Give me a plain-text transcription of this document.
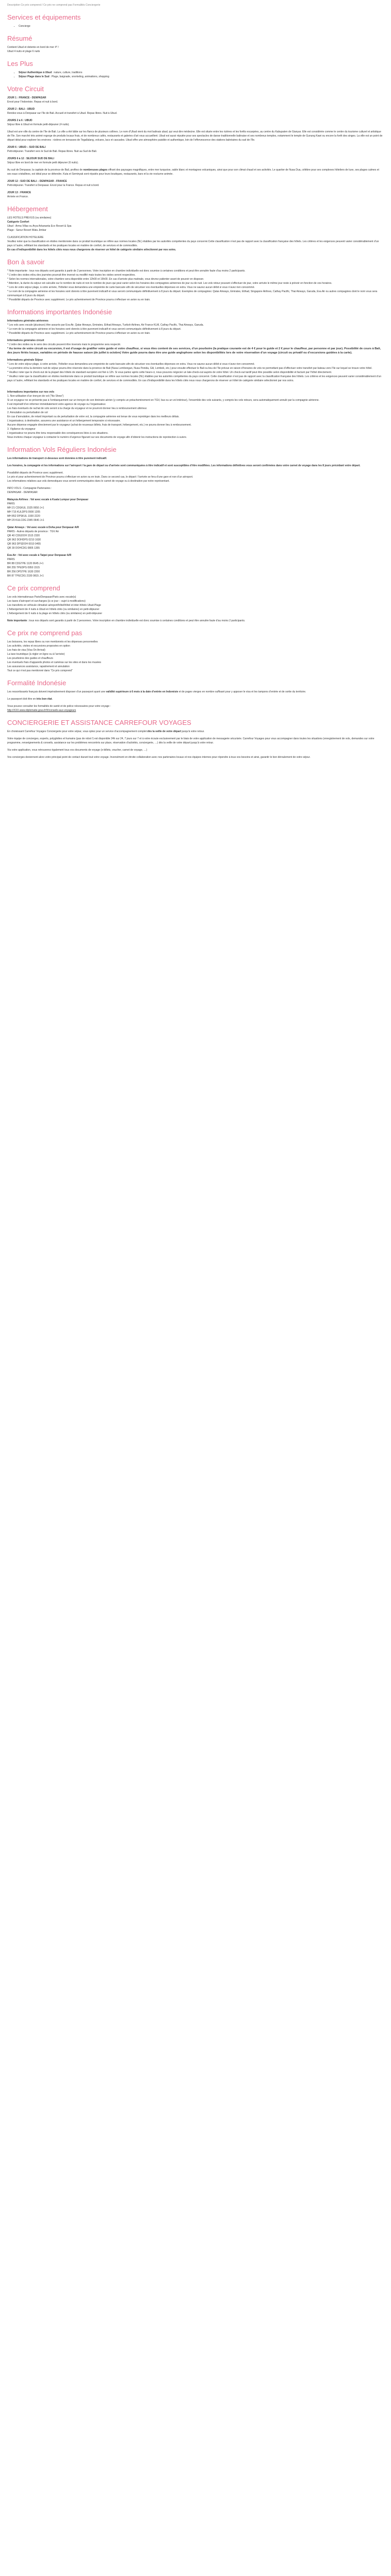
Description Ce prix comprend / Ce prix ne comprend pas Formalités Conciergerie
Services et équipements
• Concierge
Résumé
Contient Ubud et detente en bord de mer 4* /
Ubud 4 nuits et plage 6 nuits
Les Plus
• Séjour Authentique à Ubud : nature, culture, traditions
• Séjour Plage dans le Sud : Plage, baignade, snorkeling, animations, shopping
Votre Circuit
JOUR 1 : FRANCE - DENPASAR
Envol pour l’Indonésie. Repas et nuit à bord.
JOUR 2 : BALI - UBUD
Rendez-vous à Denpasar sur l’île de Bali. Accueil et transfert à Ubud. Repas libres. Nuit à Ubud.
JOURS 2 à 6 : UBUD
Séjour libre à Ubud en formule petit-déjeuner (4 nuits).

Ubud est une ville du centre de l’île de Bali. La ville a été bâtie sur les flancs de plusieurs collines. Le nom d’Ubud vient du mot balinais ubad, qui veut dire médecine. Elle est située entre les rizières et les forêts escarpées, au centre du Kabupaten de Gianyar. Elle est considérée comme le centre du tourisme culturel et artistique de l’île. Son marché très animé regorge de produits locaux frais, et de nombreux cafés, restaurants et galeries d’art vous accueillent. Ubud est aussi réputée pour ses spectacles de danse traditionnelle balinaise et ses nombreux temples, notamment le temple de Gunung Kawi ou encore la forêt des singes. La ville est un point de départ idéal pour explorer les environs : rizières en terrasses de Tegallalang, volcans, lacs et cascades. Ubud offre une atmosphère paisible et authentique, loin de l’effervescence des stations balnéaires du sud de l’île.

JOUR 6 : UBUD – SUD DE BALI
Petit-déjeuner. Transfert vers le Sud de Bali. Repas libres. Nuit au Sud de Bali.
JOURS 6 à 12 : SEJOUR SUD DE BALI
Séjour libre en bord de mer en formule petit déjeuner (6 nuits).

Au sud de Denpasar, la capitale de la province de Bali, profitez de nombreuses plages offrant des paysages magnifiques, entre mer turquoise, sable blanc et montagnes volcaniques, ainsi que pour son climat chaud et ses activités. Le quartier de Nusa Dua, célèbre pour ses complexes hôteliers de luxe, ses plages calmes et ses eaux cristallines, est idéal pour se détendre. Kuta et Seminyak sont réputés pour leurs boutiques, restaurants, bars et la vie nocturne animée.

JOUR 12 : SUD DE BALI – DENPASAR - FRANCE
Petit-déjeuner. Transfert à Denpasar. Envol pour la France. Repas et nuit à bord.
JOUR 13 : FRANCE
Arrivée en France.
Hébergement
LES HOTELS PREVUS (ou similaires)
Catégorie Confort
Ubud : Arma Villas ou Arya Arkananta Eco Resort & Spa
Plage : Sanur Resort Watu Jimbar
CLASSIFICATION HOTELIERE
Veuillez noter que la classification en étoiles mentionnée dans ce produit touristique se réfère aux normes locales (NL) établies par les autorités compétentes du pays concerné.Cette classification n’est pas de rapport avec la classification française des hôtels. Les critères et les exigences peuvent varier considérablement d’un pays à l’autre, reflétant les standards et les pratiques locales en matière de confort, de services et de commodités.
En cas d’indisponibilité dans les hôtels cités nous nous chargerons de réserver un hôtel de catégorie similaire sélectionné par nos soins.
Bon à savoir
* Note importante : tous nos départs sont garantis à partir de 2 personnes. Votre inscription en chambre individuelle est donc soumise à certaines conditions et peut être annulée faute d’au moins 2 participants.
* L’ordre des visites et/ou des journées pourrait être inversé ou modifié mais toutes les visites seront respectées.
* Selon les normes internationales, votre chambre sera disponible entre 12h00 et 15h00. En cas d’arrivée plus matinale, vous devrez patienter avant de pouvoir en disposer.
* Attention, la durée du séjour est calculée sur le nombre de nuits et non le nombre de jours qui peut varier selon les horaires des compagnies aériennes de jour ou de nuit. Les vols retour pouvant s’effectuer de jour, votre arrivée le même jour reste à prévoir en fonction de vos horaires.
* Lors de votre séjour plage, à votre arrivée, l’hôtelier vous demandera une empreinte de carte bancaire afin de sécuriser vos éventuelles dépenses en extra. Vous ne saurez aucun débit si vous n’avez rien consommé.
* Le nom de la compagnie aérienne et les horaires sont donnés à titre purement indicatif et vous seront communiqués définitivement à 8 jours du départ. Exemples de compagnies: Qatar Airways, Emirates, Etihad, Singapore Airlines, Cathay Pacific, Thai Airways, Garuda, Eva Air ou autres compagnies dont le nom vous sera communiqué à 8 jours du départ.
* Possibilité départs de Province avec supplément. Le prix acheminement de Province pourra s’effectuer en avion ou en train.
Informations importantes Indonésie
Informations générales aériennes
* Les vols avec escale (plusieurs) être assurés par Eva Air, Qatar Airways, Emirates, Etihad Airways, Turkish Airlines, Air France KLM, Cathay Pacific, Thai Airways, Garuda.
* Le nom de la compagnie aérienne et les horaires sont donnés à titre purement indicatif et vous seront communiqués définitivement à 8 jours du départ.
* Possibilité départs de Province avec supplément. Le prix acheminement de Province pourra s’effectuer en avion ou en train.
Informations générales circuit
* L’ordre des visites ou le sens des circuits peuvent être inversés mais le programme sera respecté.
* Au terme de votre circuit ou excursion, il est d’usage de gratifier votre guide et votre chauffeur, si vous êtes content de ses services, d’un pourboire (la pratique courante est de 4 € pour le guide et 2 € pour le chauffeur, par personne et par jour). Possibilité de cours à Bali, des jours fériés locaux, variables en période de hausse saison (de juillet à octobre) Votre guide pourra dans être une guide anglophone selon les disponibilités lors de votre réservation d’un voyage (circuit ou privatif ou d’excursions guidées à la carte).
Informations générale Séjour
* Lors de votre séjour plage, à votre arrivée, l’hôtelier vous demandera une empreinte de carte bancaire afin de sécuriser vos éventuelles dépenses en extra. Vous ne saurez aucun débit si vous n’avez rien consommé.
* La première et/ou la dernière nuit de séjour pourra être réservée dans la province de Bali (Nusa Lembongan, Nusa Penida, Gili, Lombok, etc.) pour ensuite effectuer le Bali ou lieu de l’île prévue en raison d’horaires de vols ne permettant pas d’effectuer votre transfert par bateau vers l’île sur lequel se trouve votre hôtel.
* Veuillez noter que le check-out de la plupart des hôtels de standard européen est fixé à 12h. Si vous partez après cette heure-ci, nous pouvons négocier un late-check-out auprès de votre hôtel. Un check-out tardif peut être possible selon disponibilité et facturé par l’hôtel directement.
* Veuillez noter que la classification en étoiles mentionnée dans ce produit touristique se réfère aux normes locales (NL) établies par les autorités compétentes du pays concerné. Cette classification n’est pas de rapport avec la classification française des hôtels. Les critères et les exigences peuvent varier considérablement d’un pays à l’autre, reflétant les standards et les pratiques locales en matière de confort, de services et de commodités. En cas d’indisponibilité dans les hôtels cités nous nous chargerons de réserver un hôtel de catégorie similaire sélectionné par nos soins.
Informations importantes sur nos vols
1. Non-utilisation d’un tronçon de vol (“No Show”)
Si un voyageur ne se présente pas à l’embarquement sur un tronçon de son itinéraire aérien (y compris un préacheminement en TGV, bus ou un vol intérieur), l’ensemble des vols suivants, y compris les vols retours, sera automatiquement annulé par la compagnie aérienne.
Il est impératif d’en informer immédiatement votre agence de voyage ou l’organisateur.
Les frais éventuels de rachat de vols seront à la charge du voyageur et ne pourront donner lieu à remboursement ultérieur.
2. Annulation ou perturbation de vol
En cas d’annulation, de retard important ou de perturbation de votre vol, la compagnie aérienne est tenue de vous reprotéger dans les meilleurs délais.
L’organisateur, à destination, assurera une assistance et un hébergement temporaire si nécessaire.
Aucune dépense engagée directement par le voyageur (achat de nouveaux billets, frais de transport, hébergement, etc.) ne pourra donner lieu à remboursement.
3. Vigilance du voyageur
L’organisateur ne pourra être tenu responsable des conséquences liées à ces situations.
Nous invitons chaque voyageur à contacter le numéro d’urgence figurant sur ses documents de voyage afin d’obtenir les instructions de reprotection à suivre.
Information Vols Réguliers Indonésie
Les informations de transport ci-dessous sont données à titre purement indicatif.
Les horaires, la compagnie et les informations sur l’aéroport / la gare de départ ou d’arrivée sont communiquées à titre indicatif et sont susceptibles d’être modifiées. Les informations définitives vous seront confirmées dans votre carnet de voyage dans les 8 jours précédant votre départ.
Possibilité départs de Province avec supplément.
Le prix et pour acheminement de Province pourra s’effectuer en avion ou en train. Dans ce second cas, le départ / l’arrivée se fera d’une gare et non d’un aéroport.
Les informations relatives aux vols domestiques vous seront communiquées dans le carnet de voyage ou à destination par notre représentant.
INFO VOLS - Compagnie Partenaires :
DENPASAR - DENPASAR
Malaysia Airlines : Vol avec escale à Kuala Lumpur pour Denpasar
PARIS
MH 21 CDGKUL 1525 0650 J+1
MH 715 KULDPS 0900 1205
MH 852 DPSKUL 1930 2220
MH 20 KULCDG 2345 0640 J+1
Qatar Airways : Vol avec escale à Doha pour Denpasar A/R
PARIS - Autres départs de province : TGV Air
QR 40 CDGDOH 1515 2320
QR 962 DOHDPS 0210 1630
QR 963 DPSDOH 0010 0455
QR 39 DOHCDG 0805 1355
Eva Air : Vol avec escale à Taipei pour Denpasar A/R
PARIS
BR 88 CDGTPE 1120 0645 J+1
BR 255 TPEDPS 0950 1515
BR 256 DPSTPE 1630 2200
BR 87 TPECDG 2330 0815 J+1
Ce prix comprend
Les vols internationaux Paris/Denpasar/Paris avec escale(s)
Les taxes d’aéroport et surcharges (à ce jour – sujet à modifications)
Les transferts en véhicule climatisé aéroport/hôtel/hôtel et inter-hôtels Ubud-Plage
L’hébergement de 4 nuits à Ubud en hôtels cités (ou similaires) en petit-déjeuner
L’hébergement de 6 nuits à la plage en hôtels cités (ou similaires) en petit-déjeuner

Note importante : tous nos départs sont garantis à partir de 2 personnes. Votre inscription en chambre individuelle est donc soumise à certaines conditions et peut être annulée faute d’au moins 2 participants.

Ce prix ne comprend pas
Les boissons, les repas libres ou non mentionnés et les dépenses personnelles
Les activités, visites et excursions proposées en option
Les frais de visa (Visa On Arrival)
La taxe touristique (à régler en ligne ou à l’arrivée)
Les pourboires des guides et chauffeurs
Les éventuels frais d’appareils photos et caméras sur les sites et dans les musées
Les assurances assistance, rapatriement et annulation
Tout ce qui n’est pas mentionné dans “Ce prix comprend”
Formalité Indonésie

Les ressortissants français doivent impérativement disposer d’un passeport ayant une validité supérieure à 6 mois à la date d’entrée en Indonésie et de pages vierges en nombre suffisant pour y apposer le visa et les tampons d’entrée et de sortie du territoire.

Le passeport doit être en très bon état.

Vous pouvez consulter les formalités de santé et de police nécessaires pour votre voyage :
http://XXX.www.diplomatie.gouv.fr/fr/conseils-aux-voyageurs

CONCIERGERIE ET ASSISTANCE CARREFOUR VOYAGES

En choisissant Carrefour Voyages Conciergerie pour votre séjour, vous optez pour un service d’accompagnement complet dès la veille de votre départ jusqu’à votre retour.

Votre équipe de concierges, experts, polyglottes et humains (pas de robot !) est disponible 24h sur 24, 7 jours sur 7 et à votre écoute exclusivement par le biais de votre application de messagerie sécurisée. Carrefour Voyages pour vous accompagner dans toutes les situations (enregistrement de vols, demandes sur votre programme, renseignements & conseils, assistance sur les problèmes rencontrés sur place, réservation d’activités, conciergerie, …) dès la veille de votre départ jusqu’à votre retour.

Via votre application, vous retrouverez également tous vos documents de voyage (e-billets, voucher, carnet de voyage, …)

Vos concierges deviennent alors votre principal point de contact durant tout votre voyage. Inversément en étroite collaboration avec nos partenaires locaux et nos équipes internes pour répondre à tous vos besoins et ainsi, garantir le bon déroulement de votre séjour.
